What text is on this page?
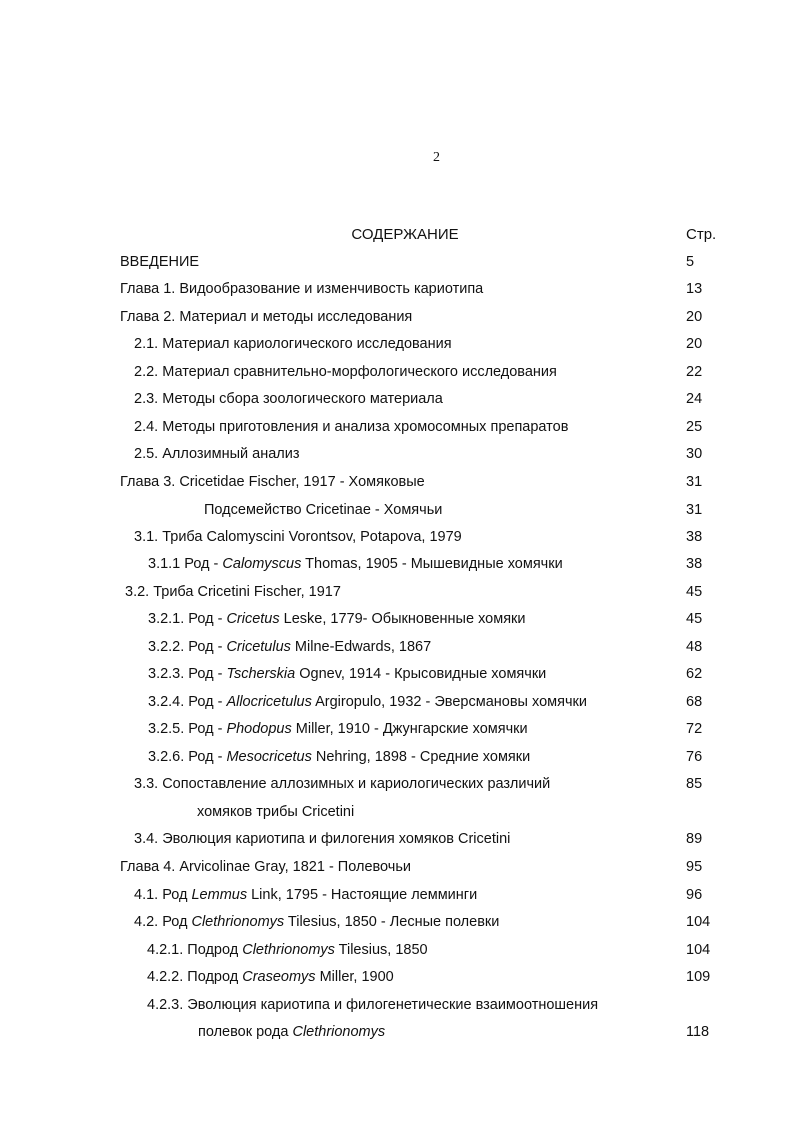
2
СОДЕРЖАНИЕ	Стр.
ВВЕДЕНИЕ	5
Глава 1. Видообразование и изменчивость кариотипа	13
Глава 2. Материал и методы исследования	20
2.1. Материал кариологического исследования	20
2.2. Материал сравнительно-морфологического исследования	22
2.3. Методы сбора зоологического материала	24
2.4. Методы приготовления и анализа хромосомных препаратов	25
2.5. Аллозимный анализ	30
Глава 3. Cricetidae Fischer, 1917 - Хомяковые	31
Подсемейство Cricetinae - Хомячьи	31
3.1. Триба Calomyscini Vorontsov, Potapova, 1979	38
3.1.1 Род - Calomyscus Thomas, 1905 - Мышевидные хомячки	38
3.2. Триба Cricetini Fischer, 1917	45
3.2.1. Род - Cricetus Leske, 1779- Обыкновенные хомяки	45
3.2.2. Род - Cricetulus Milne-Edwards, 1867	48
3.2.3. Род - Tscherskia Ognev, 1914 - Крысовидные хомячки	62
3.2.4. Род - Allocricetulus Argiropulo, 1932 - Эверсмановы хомячки	68
3.2.5. Род - Phodopus Miller, 1910 - Джунгарские хомячки	72
3.2.6. Род - Mesocricetus Nehring, 1898 - Средние хомяки	76
3.3. Сопоставление аллозимных и кариологических различий	85
хомяков трибы Cricetini
3.4. Эволюция кариотипа и филогения хомяков Cricetini	89
Глава 4. Arvicolinae Gray, 1821 - Полевочьи	95
4.1. Род Lemmus Link, 1795 - Настоящие лемминги	96
4.2. Род Clethrionomys Tilesius, 1850 - Лесные полевки	104
4.2.1. Подрод Clethrionomys Tilesius, 1850	104
4.2.2. Подрод Craseomys Miller, 1900	109
4.2.3. Эволюция кариотипа и филогенетические взаимоотношения
полевок рода Clethrionomys	118
